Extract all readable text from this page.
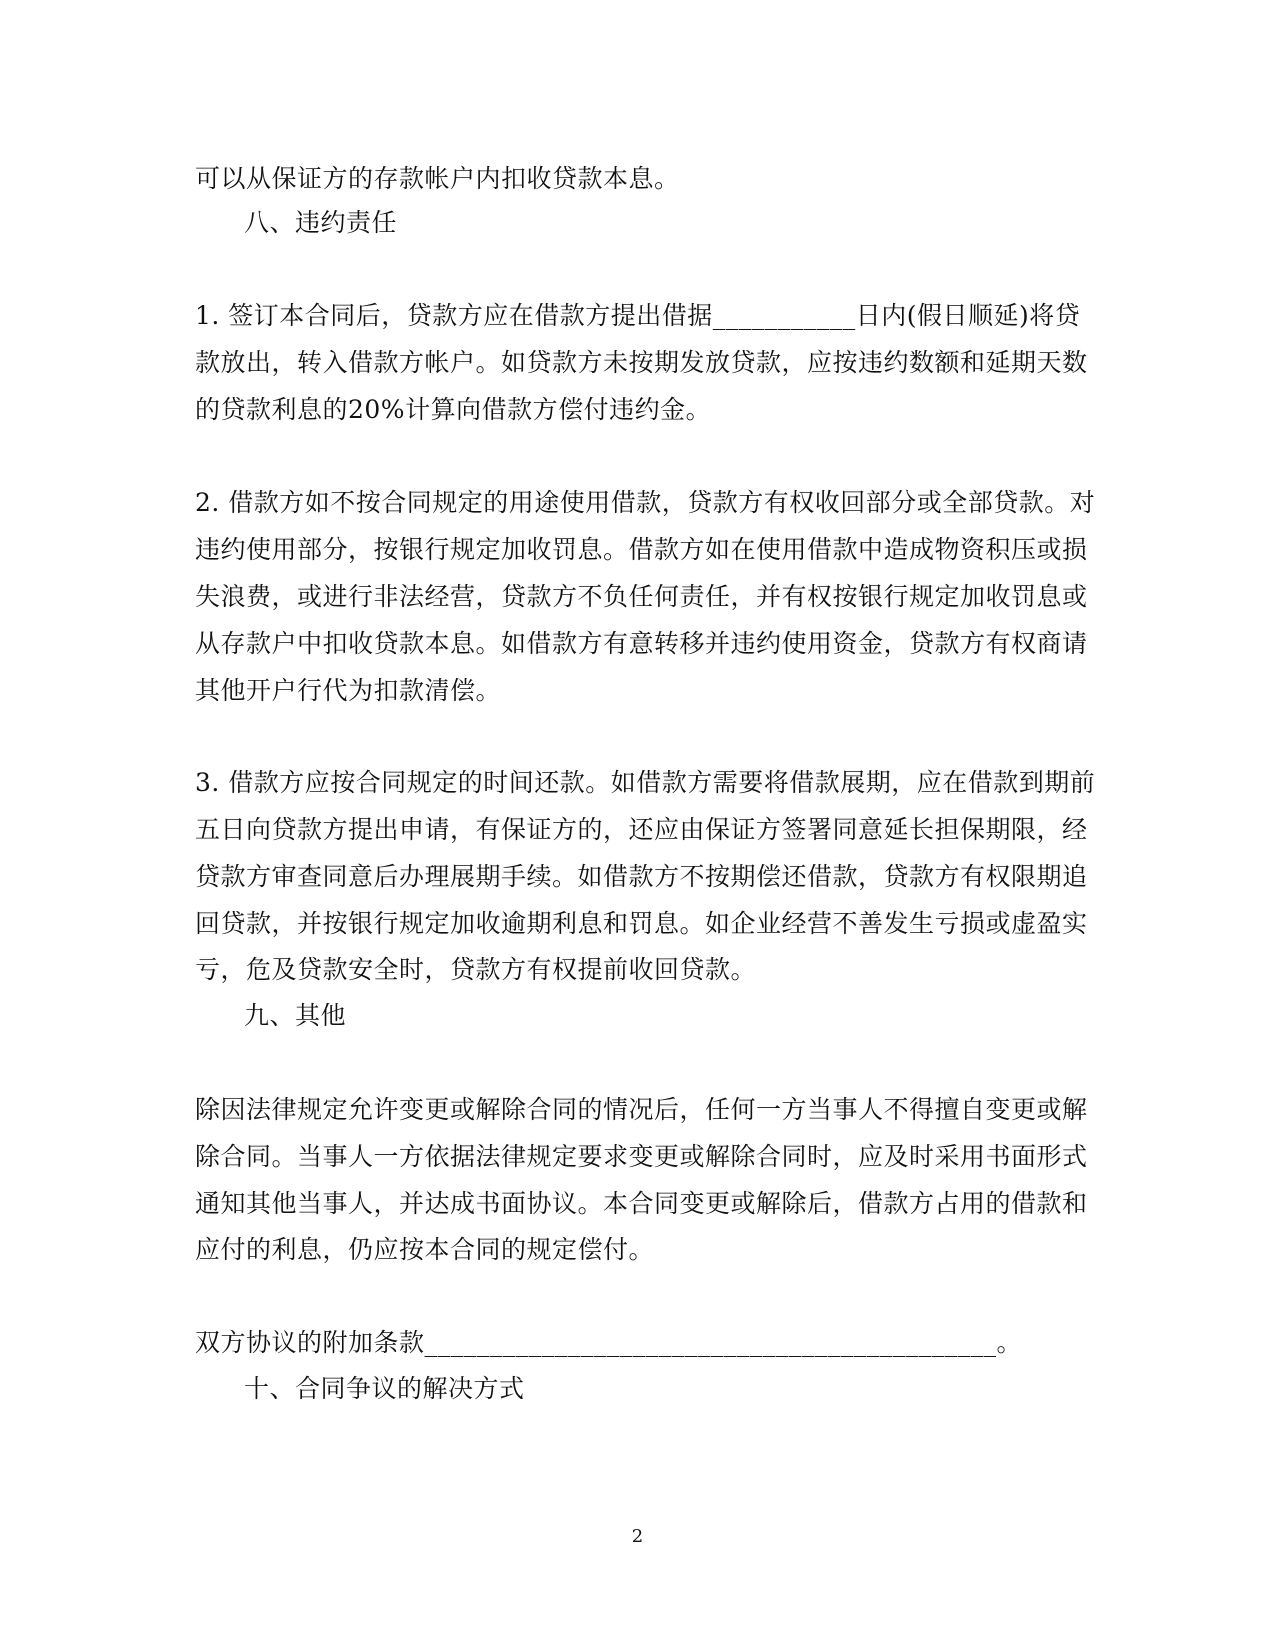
可以从保证方的存款帐户内扣收贷款本息。
八、违约责任
1. 签订本合同后，贷款方应在借款方提出借据___________日内(假日顺延)将贷
款放出，转入借款方帐户。如贷款方未按期发放贷款，应按违约数额和延期天数
的贷款利息的20%计算向借款方偿付违约金。
2. 借款方如不按合同规定的用途使用借款，贷款方有权收回部分或全部贷款。对
违约使用部分，按银行规定加收罚息。借款方如在使用借款中造成物资积压或损
失浪费，或进行非法经营，贷款方不负任何责任，并有权按银行规定加收罚息或
从存款户中扣收贷款本息。如借款方有意转移并违约使用资金，贷款方有权商请
其他开户行代为扣款清偿。
3. 借款方应按合同规定的时间还款。如借款方需要将借款展期，应在借款到期前
五日向贷款方提出申请，有保证方的，还应由保证方签署同意延长担保期限，经
贷款方审查同意后办理展期手续。如借款方不按期偿还借款，贷款方有权限期追
回贷款，并按银行规定加收逾期利息和罚息。如企业经营不善发生亏损或虚盈实
亏，危及贷款安全时，贷款方有权提前收回贷款。
九、其他
除因法律规定允许变更或解除合同的情况后，任何一方当事人不得擅自变更或解
除合同。当事人一方依据法律规定要求变更或解除合同时，应及时采用书面形式
通知其他当事人，并达成书面协议。本合同变更或解除后，借款方占用的借款和
应付的利息，仍应按本合同的规定偿付。
双方协议的附加条款____________________________________________。
十、合同争议的解决方式
2
